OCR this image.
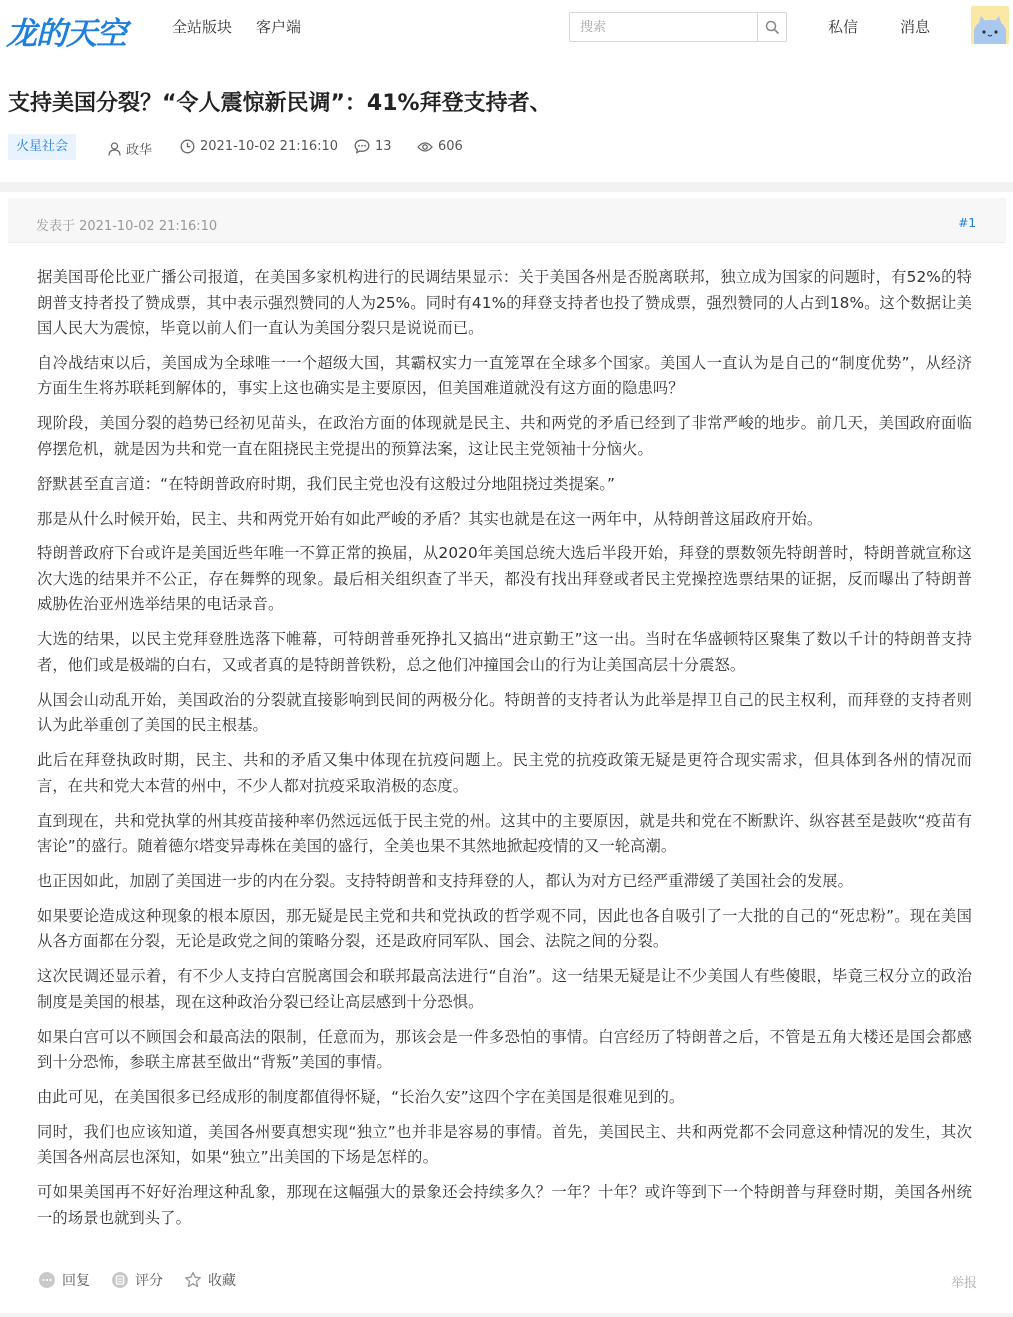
龙的天空	全站版块 客户端
搜索	私信	消息
支持美国分裂？“令人震惊新民调”：41%拜登支持者、
火星社会	政华	2021-10-02 21:16:10	13	606
发表于 2021-10-02 21:16:10	#1

据美国哥伦比亚广播公司报道，在美国多家机构进行的民调结果显示：关于美国各州是否脱离联邦，独立成为国家的问题时，有52%的特朗普支持者投了赞成票，其中表示强烈赞同的人为25%。同时有41%的拜登支持者也投了赞成票，强烈赞同的人占到18%。这个数据让美国人民大为震惊，毕竟以前人们一直认为美国分裂只是说说而已。

自冷战结束以后，美国成为全球唯一一个超级大国，其霸权实力一直笼罩在全球多个国家。美国人一直认为是自己的“制度优势”，从经济方面生生将苏联耗到解体的，事实上这也确实是主要原因，但美国难道就没有这方面的隐患吗？

现阶段，美国分裂的趋势已经初见苗头，在政治方面的体现就是民主、共和两党的矛盾已经到了非常严峻的地步。前几天，美国政府面临停摆危机，就是因为共和党一直在阻挠民主党提出的预算法案，这让民主党领袖十分恼火。

舒默甚至直言道：“在特朗普政府时期，我们民主党也没有这般过分地阻挠过类提案。”

那是从什么时候开始，民主、共和两党开始有如此严峻的矛盾？其实也就是在这一两年中，从特朗普这届政府开始。

特朗普政府下台或许是美国近些年唯一不算正常的换届，从2020年美国总统大选后半段开始，拜登的票数领先特朗普时，特朗普就宣称这次大选的结果并不公正，存在舞弊的现象。最后相关组织查了半天，都没有找出拜登或者民主党操控选票结果的证据，反而曝出了特朗普威胁佐治亚州选举结果的电话录音。

大选的结果，以民主党拜登胜选落下帷幕，可特朗普垂死挣扎又搞出“进京勤王”这一出。当时在华盛顿特区聚集了数以千计的特朗普支持者，他们或是极端的白右，又或者真的是特朗普铁粉，总之他们冲撞国会山的行为让美国高层十分震怒。

从国会山动乱开始，美国政治的分裂就直接影响到民间的两极分化。特朗普的支持者认为此举是捍卫自己的民主权利，而拜登的支持者则认为此举重创了美国的民主根基。

此后在拜登执政时期，民主、共和的矛盾又集中体现在抗疫问题上。民主党的抗疫政策无疑是更符合现实需求，但具体到各州的情况而言，在共和党大本营的州中，不少人都对抗疫采取消极的态度。

直到现在，共和党执掌的州其疫苗接种率仍然远远低于民主党的州。这其中的主要原因，就是共和党在不断默许、纵容甚至是鼓吹“疫苗有害论”的盛行。随着德尔塔变异毒株在美国的盛行，全美也果不其然地掀起疫情的又一轮高潮。

也正因如此，加剧了美国进一步的内在分裂。支持特朗普和支持拜登的人，都认为对方已经严重滞缓了美国社会的发展。

如果要论造成这种现象的根本原因，那无疑是民主党和共和党执政的哲学观不同，因此也各自吸引了一大批的自己的“死忠粉”。现在美国从各方面都在分裂，无论是政党之间的策略分裂，还是政府同军队、国会、法院之间的分裂。

这次民调还显示着，有不少人支持白宫脱离国会和联邦最高法进行“自治”。这一结果无疑是让不少美国人有些傻眼，毕竟三权分立的政治制度是美国的根基，现在这种政治分裂已经让高层感到十分恐惧。

如果白宫可以不顾国会和最高法的限制，任意而为，那该会是一件多恐怕的事情。白宫经历了特朗普之后，不管是五角大楼还是国会都感到十分恐怖，参联主席甚至做出“背叛”美国的事情。

由此可见，在美国很多已经成形的制度都值得怀疑，“长治久安”这四个字在美国是很难见到的。

同时，我们也应该知道，美国各州要真想实现“独立”也并非是容易的事情。首先，美国民主、共和两党都不会同意这种情况的发生，其次美国各州高层也深知，如果“独立”出美国的下场是怎样的。

可如果美国再不好好治理这种乱象，那现在这幅强大的景象还会持续多久？一年？十年？或许等到下一个特朗普与拜登时期，美国各州统一的场景也就到头了。

回复	评分	收藏	举报
